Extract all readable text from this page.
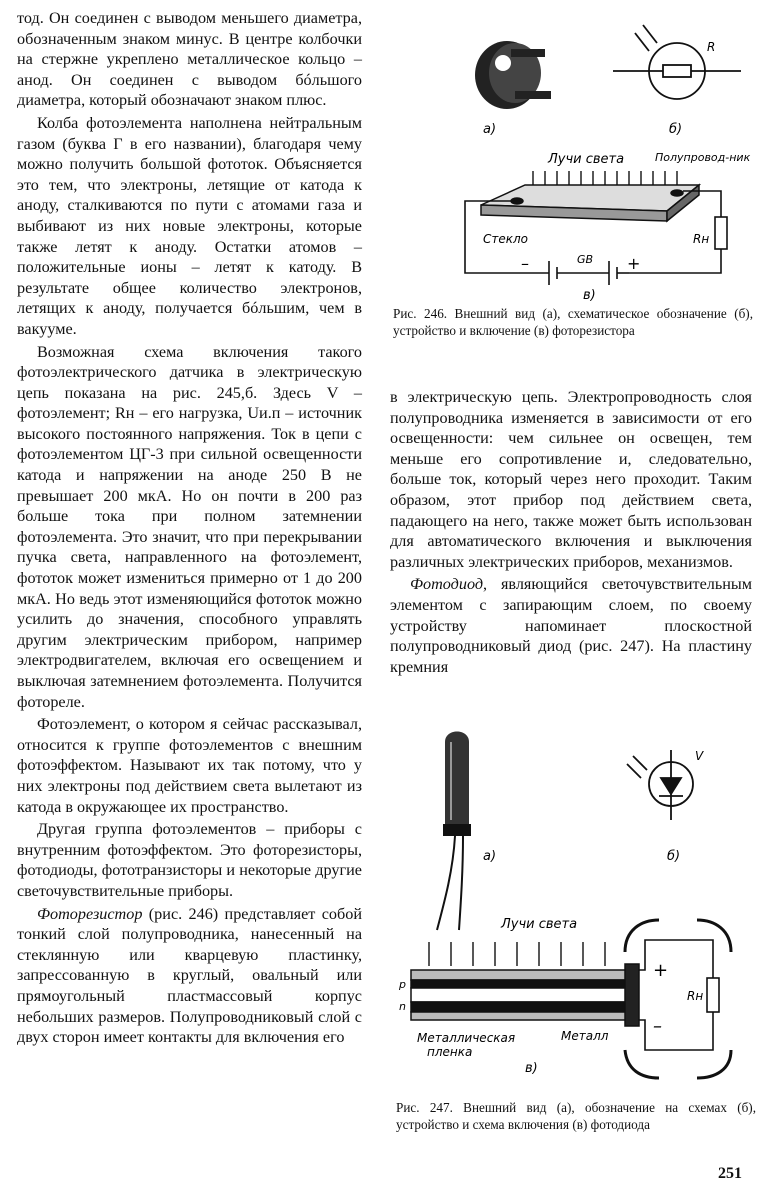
тод. Он соединен с выводом меньшего диаметра, обозначенным знаком минус. В центре колбочки на стержне укреплено металлическое кольцо – анод. Он соединен с выводом бóльшого диаметра, который обозначают знаком плюс.

Колба фотоэлемента наполнена нейтральным газом (буква Г в его названии), благодаря чему можно получить большой фототок. Объясняется это тем, что электроны, летящие от катода к аноду, сталкиваются по пути с атомами газа и выбивают из них новые электроны, которые также летят к аноду. Остатки атомов – положительные ионы – летят к катоду. В результате общее количество электронов, летящих к аноду, получается бóльшим, чем в вакууме.

Возможная схема включения такого фотоэлектрического датчика в электрическую цепь показана на рис. 245,б. Здесь V – фотоэлемент; Rн – его нагрузка, Uи.п – источник высокого постоянного напряжения. Ток в цепи с фотоэлементом ЦГ-3 при сильной освещенности катода и напряжении на аноде 250 В не превышает 200 мкА. Но он почти в 200 раз больше тока при полном затемнении фотоэлемента. Это значит, что при перекрывании пучка света, направленного на фотоэлемент, фототок может измениться примерно от 1 до 200 мкА. Но ведь этот изменяющийся фототок можно усилить до значения, способного управлять другим электрическим прибором, например электродвигателем, включая его освещением и выключая затемнением фотоэлемента. Получится фотореле.

Фотоэлемент, о котором я сейчас рассказывал, относится к группе фотоэлементов с внешним фотоэффектом. Называют их так потому, что у них электроны под действием света вылетают из катода в окружающее их пространство.

Другая группа фотоэлементов – приборы с внутренним фотоэффектом. Это фоторезисторы, фотодиоды, фототранзисторы и некоторые другие светочувствительные приборы.

Фоторезистор (рис. 246) представляет собой тонкий слой полупроводника, нанесенный на стеклянную или кварцевую пластинку, запрессованную в круглый, овальный или прямоугольный пластмассовый корпус небольших размеров. Полупроводниковый слой с двух сторон имеет контакты для включения его

а)
R
б)
Лучи света	Полупровод-ник
Стекло	Rн
–	GB +
в)

Рис. 246. Внешний вид (а), схематическое обозначение (б), устройство и включение (в) фоторезистора

в электрическую цепь. Электропроводность слоя полупроводника изменяется в зависимости от его освещенности: чем сильнее он освещен, тем меньше его сопротивление и, следовательно, больше ток, который через него проходит. Таким образом, этот прибор под действием света, падающего на него, также может быть использован для автоматического включения и выключения различных электрических приборов, механизмов.

Фотодиод, являющийся светочувствительным элементом с запирающим слоем, по своему устройству напоминает плоскостной полупроводниковый диод (рис. 247). На пластину кремния

а)
V
б)
Лучи света
+
–
Rн
p
n
Металлическая
пленка
Металл
в)

Рис. 247. Внешний вид (а), обозначение на схемах (б), устройство и схема включения (в) фотодиода

251
